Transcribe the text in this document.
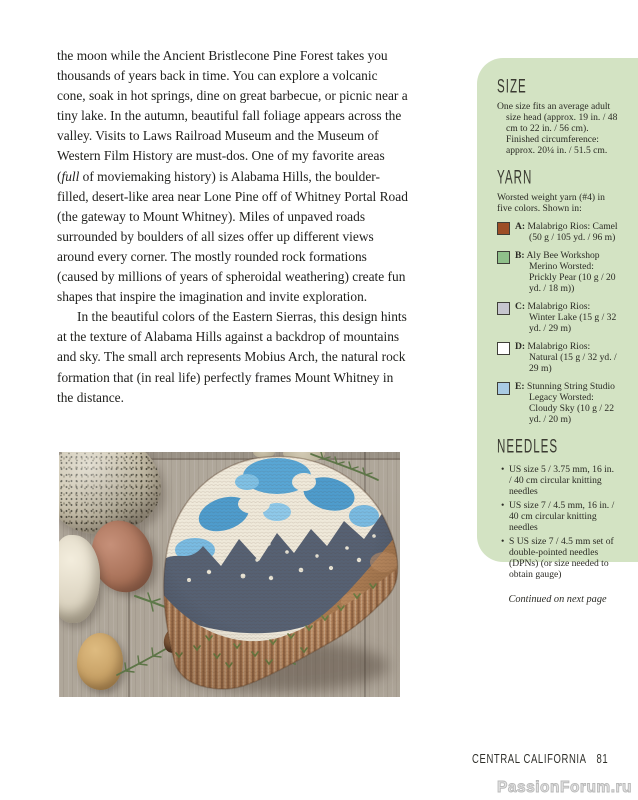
the moon while the Ancient Bristlecone Pine Forest takes you thousands of years back in time. You can explore a volcanic cone, soak in hot springs, dine on great barbecue, or picnic near a tiny lake. In the autumn, beautiful fall foliage appears across the valley. Visits to Laws Railroad Museum and the Museum of Western Film History are must-dos. One of my favorite areas (full of moviemaking history) is Alabama Hills, the boulder-filled, desert-like area near Lone Pine off of Whitney Portal Road (the gateway to Mount Whitney). Miles of unpaved roads surrounded by boulders of all sizes offer up different views around every corner. The mostly rounded rock formations (caused by millions of years of spheroidal weathering) create fun shapes that inspire the imagination and invite exploration.
In the beautiful colors of the Eastern Sierras, this design hints at the texture of Alabama Hills against a backdrop of mountains and sky. The small arch represents Mobius Arch, the natural rock formation that (in real life) perfectly frames Mount Whitney in the distance.
SIZE
One size fits an average adult size head (approx. 19 in. / 48 cm to 22 in. / 56 cm). Finished circumference: approx. 20¼ in. / 51.5 cm.
YARN
Worsted weight yarn (#4) in five colors. Shown in:
A: Malabrigo Rios: Camel (50 g / 105 yd. / 96 m)
B: Aly Bee Workshop Merino Worsted: Prickly Pear (10 g / 20 yd. / 18 m))
C: Malabrigo Rios: Winter Lake (15 g / 32 yd. / 29 m)
D: Malabrigo Rios: Natural (15 g / 32 yd. / 29 m)
E: Stunning String Studio Legacy Worsted: Cloudy Sky (10 g / 22 yd. / 20 m)
NEEDLES
• US size 5 / 3.75 mm, 16 in. / 40 cm circular knitting needles
• US size 7 / 4.5 mm, 16 in. / 40 cm circular knitting needles
• S US size 7 / 4.5 mm set of double-pointed needles (DPNs) (or size needed to obtain gauge)
Continued on next page
CENTRAL CALIFORNIA 81
PassionForum.ru
